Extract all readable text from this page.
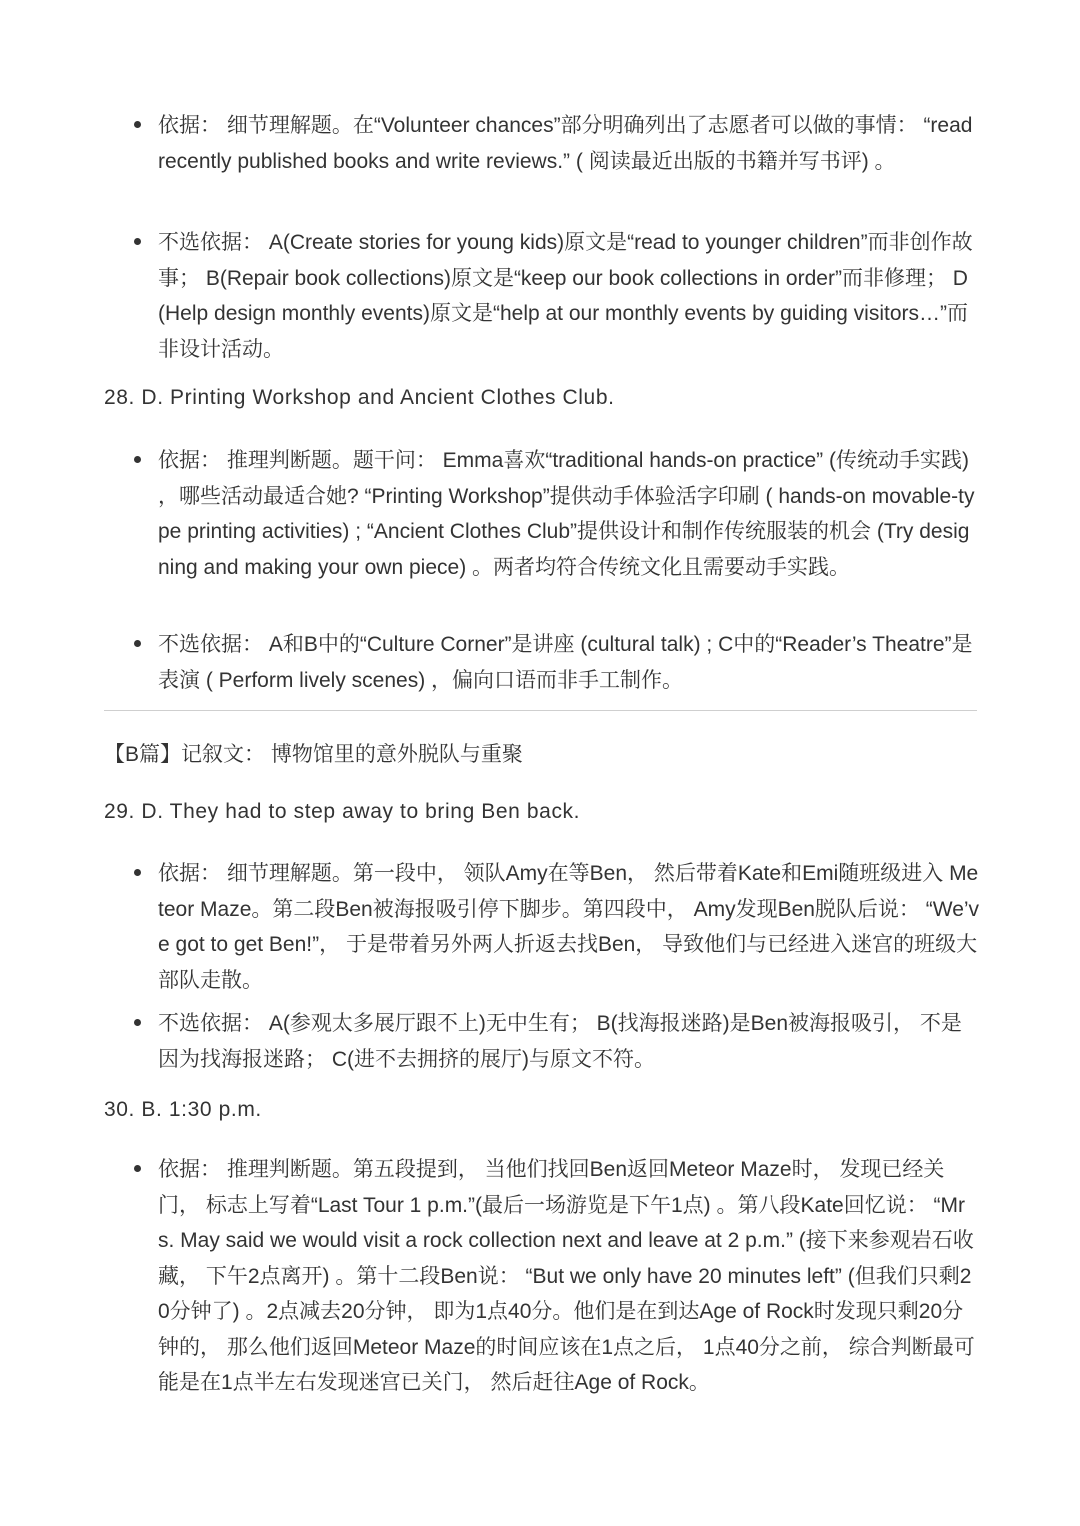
依据： 细节理解题。在“Volunteer chances”部分明确列出了志愿者可以做的事情： “read recently published books and write reviews.” ( 阅读最近出版的书籍并写书评) 。
不选依据： A(Create stories for young kids)原文是“read to younger children”而非创作故事； B(Repair book collections)原文是“keep our book collections in order”而非修理； D(Help design monthly events)原文是“help at our monthly events by guiding visitors…”而非设计活动。
28. D. Printing Workshop and Ancient Clothes Club.
依据： 推理判断题。题干问： Emma喜欢“traditional hands-on practice” (传统动手实践) ，哪些活动最适合她? “Printing Workshop”提供动手体验活字印刷 ( hands-on movable-type printing activities) ; “Ancient Clothes Club”提供设计和制作传统服装的机会 (Try designing and making your own piece) 。两者均符合传统文化且需要动手实践。
不选依据： A和B中的“Culture Corner”是讲座 (cultural talk) ; C中的“Reader’s Theatre”是表演 ( Perform lively scenes) ，偏向口语而非手工制作。
【B篇】记叙文： 博物馆里的意外脱队与重聚
29. D. They had to step away to bring Ben back.
依据： 细节理解题。第一段中， 领队Amy在等Ben， 然后带着Kate和Emi随班级进入 Meteor Maze。第二段Ben被海报吸引停下脚步。第四段中， Amy发现Ben脱队后说： “We’ve got to get Ben!”， 于是带着另外两人折返去找Ben， 导致他们与已经进入迷宫的班级大部队走散。
不选依据： A(参观太多展厅跟不上)无中生有； B(找海报迷路)是Ben被海报吸引， 不是因为找海报迷路； C(进不去拥挤的展厅)与原文不符。
30. B. 1:30 p.m.
依据： 推理判断题。第五段提到， 当他们找回Ben返回Meteor Maze时， 发现已经关门， 标志上写着“Last Tour 1 p.m.”(最后一场游览是下午1点) 。第八段Kate回忆说： “Mrs. May said we would visit a rock collection next and leave at 2 p.m.” (接下来参观岩石收藏， 下午2点离开) 。第十二段Ben说： “But we only have 20 minutes left” (但我们只剩20分钟了) 。2点减去20分钟， 即为1点40分。他们是在到达Age of Rock时发现只剩20分钟的， 那么他们返回Meteor Maze的时间应该在1点之后， 1点40分之前， 综合判断最可能是在1点半左右发现迷宫已关门， 然后赶往Age of Rock。
